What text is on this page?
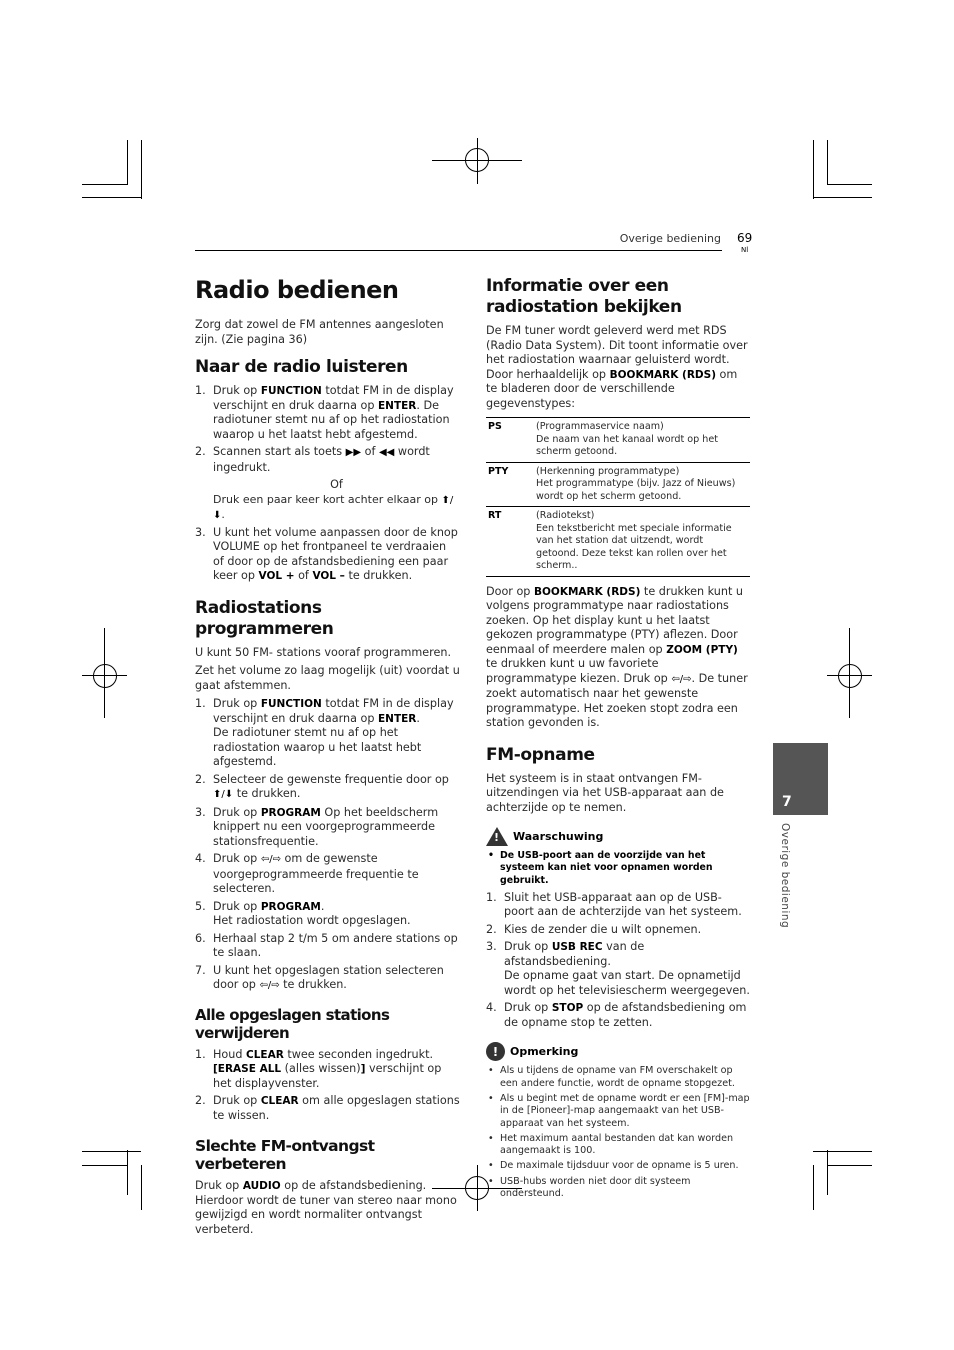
Overige bediening 69
Nl
Radio bedienen

Zorg dat zowel de FM antennes aangesloten zijn. (Zie pagina 36)

Naar de radio luisteren
1. Druk op FUNCTION totdat FM in de display verschijnt en druk daarna op ENTER. De radiotuner stemt nu af op het radiostation waarop u het laatst hebt afgestemd.
2. Scannen start als toets ▶▶ of ◀◀ wordt ingedrukt.
Of
Druk een paar keer kort achter elkaar op ⬆/⬇.
3. U kunt het volume aanpassen door de knop VOLUME op het frontpaneel te verdraaien of door op de afstandsbediening een paar keer op VOL + of VOL – te drukken.
Radiostations programmeren

U kunt 50 FM- stations vooraf programmeren.

Zet het volume zo laag mogelijk (uit) voordat u gaat afstemmen.

1. Druk op FUNCTION totdat FM in de display verschijnt en druk daarna op ENTER.
De radiotuner stemt nu af op het radiostation waarop u het laatst hebt afgestemd.
2. Selecteer de gewenste frequentie door op ⬆/⬇ te drukken.
3. Druk op PROGRAM Op het beeldscherm knippert nu een voorgeprogrammeerde stationsfrequentie.
4. Druk op ⇦/⇨ om de gewenste voorgeprogrammeerde frequentie te selecteren.
5. Druk op PROGRAM.
Het radiostation wordt opgeslagen.
6. Herhaal stap 2 t/m 5 om andere stations op te slaan.
7. U kunt het opgeslagen station selecteren door op ⇦/⇨ te drukken.
Alle opgeslagen stations verwijderen
1. Houd CLEAR twee seconden ingedrukt.
[ERASE ALL (alles wissen)] verschijnt op het displayvenster.
2. Druk op CLEAR om alle opgeslagen stations te wissen.
Slechte FM-ontvangst verbeteren

Druk op AUDIO op de afstandsbediening. Hierdoor wordt de tuner van stereo naar mono gewijzigd en wordt normaliter ontvangst verbeterd.

Informatie over een radiostation bekijken

De FM tuner wordt geleverd werd met RDS (Radio Data System). Dit toont informatie over het radiostation waarnaar geluisterd wordt. Door herhaaldelijk op BOOKMARK (RDS) om te bladeren door de verschillende gegevenstypes:

PS	(Programmaservice naam)
De naam van het kanaal wordt op het scherm getoond.
PTY	(Herkenning programmatype)
Het programmatype (bijv. Jazz of Nieuws) wordt op het scherm getoond.
RT	(Radiotekst)
Een tekstbericht met speciale informatie van het station dat uitzendt, wordt getoond. Deze tekst kan rollen over het scherm..

Door op BOOKMARK (RDS) te drukken kunt u volgens programmatype naar radiostations zoeken. Op het display kunt u het laatst gekozen programmatype (PTY) aflezen. Door eenmaal of meerdere malen op ZOOM (PTY) te drukken kunt u uw favoriete programmatype kiezen. Druk op ⇦/⇨. De tuner zoekt automatisch naar het gewenste programmatype. Het zoeken stopt zodra een station gevonden is.

FM-opname

Het systeem is in staat ontvangen FM-uitzendingen via het USB-apparaat aan de achterzijde op te nemen.

! Waarschuwing
• De USB-poort aan de voorzijde van het systeem kan niet voor opnamen worden gebruikt.
1. Sluit het USB-apparaat aan op de USB-poort aan de achterzijde van het systeem.
2. Kies de zender die u wilt opnemen.
3. Druk op USB REC van de afstandsbediening.
De opname gaat van start. De opnametijd wordt op het televisiescherm weergegeven.
4. Druk op STOP op de afstandsbediening om de opname stop te zetten.
!	Opmerking
• Als u tijdens de opname van FM overschakelt op een andere functie, wordt de opname stopgezet.
• Als u begint met de opname wordt er een [FM]-map in de [Pioneer]-map aangemaakt van het USB-apparaat van het systeem.
• Het maximum aantal bestanden dat kan worden aangemaakt is 100.
• De maximale tijdsduur voor de opname is 5 uren.
• USB-hubs worden niet door dit systeem ondersteund.
7
Overige bediening
